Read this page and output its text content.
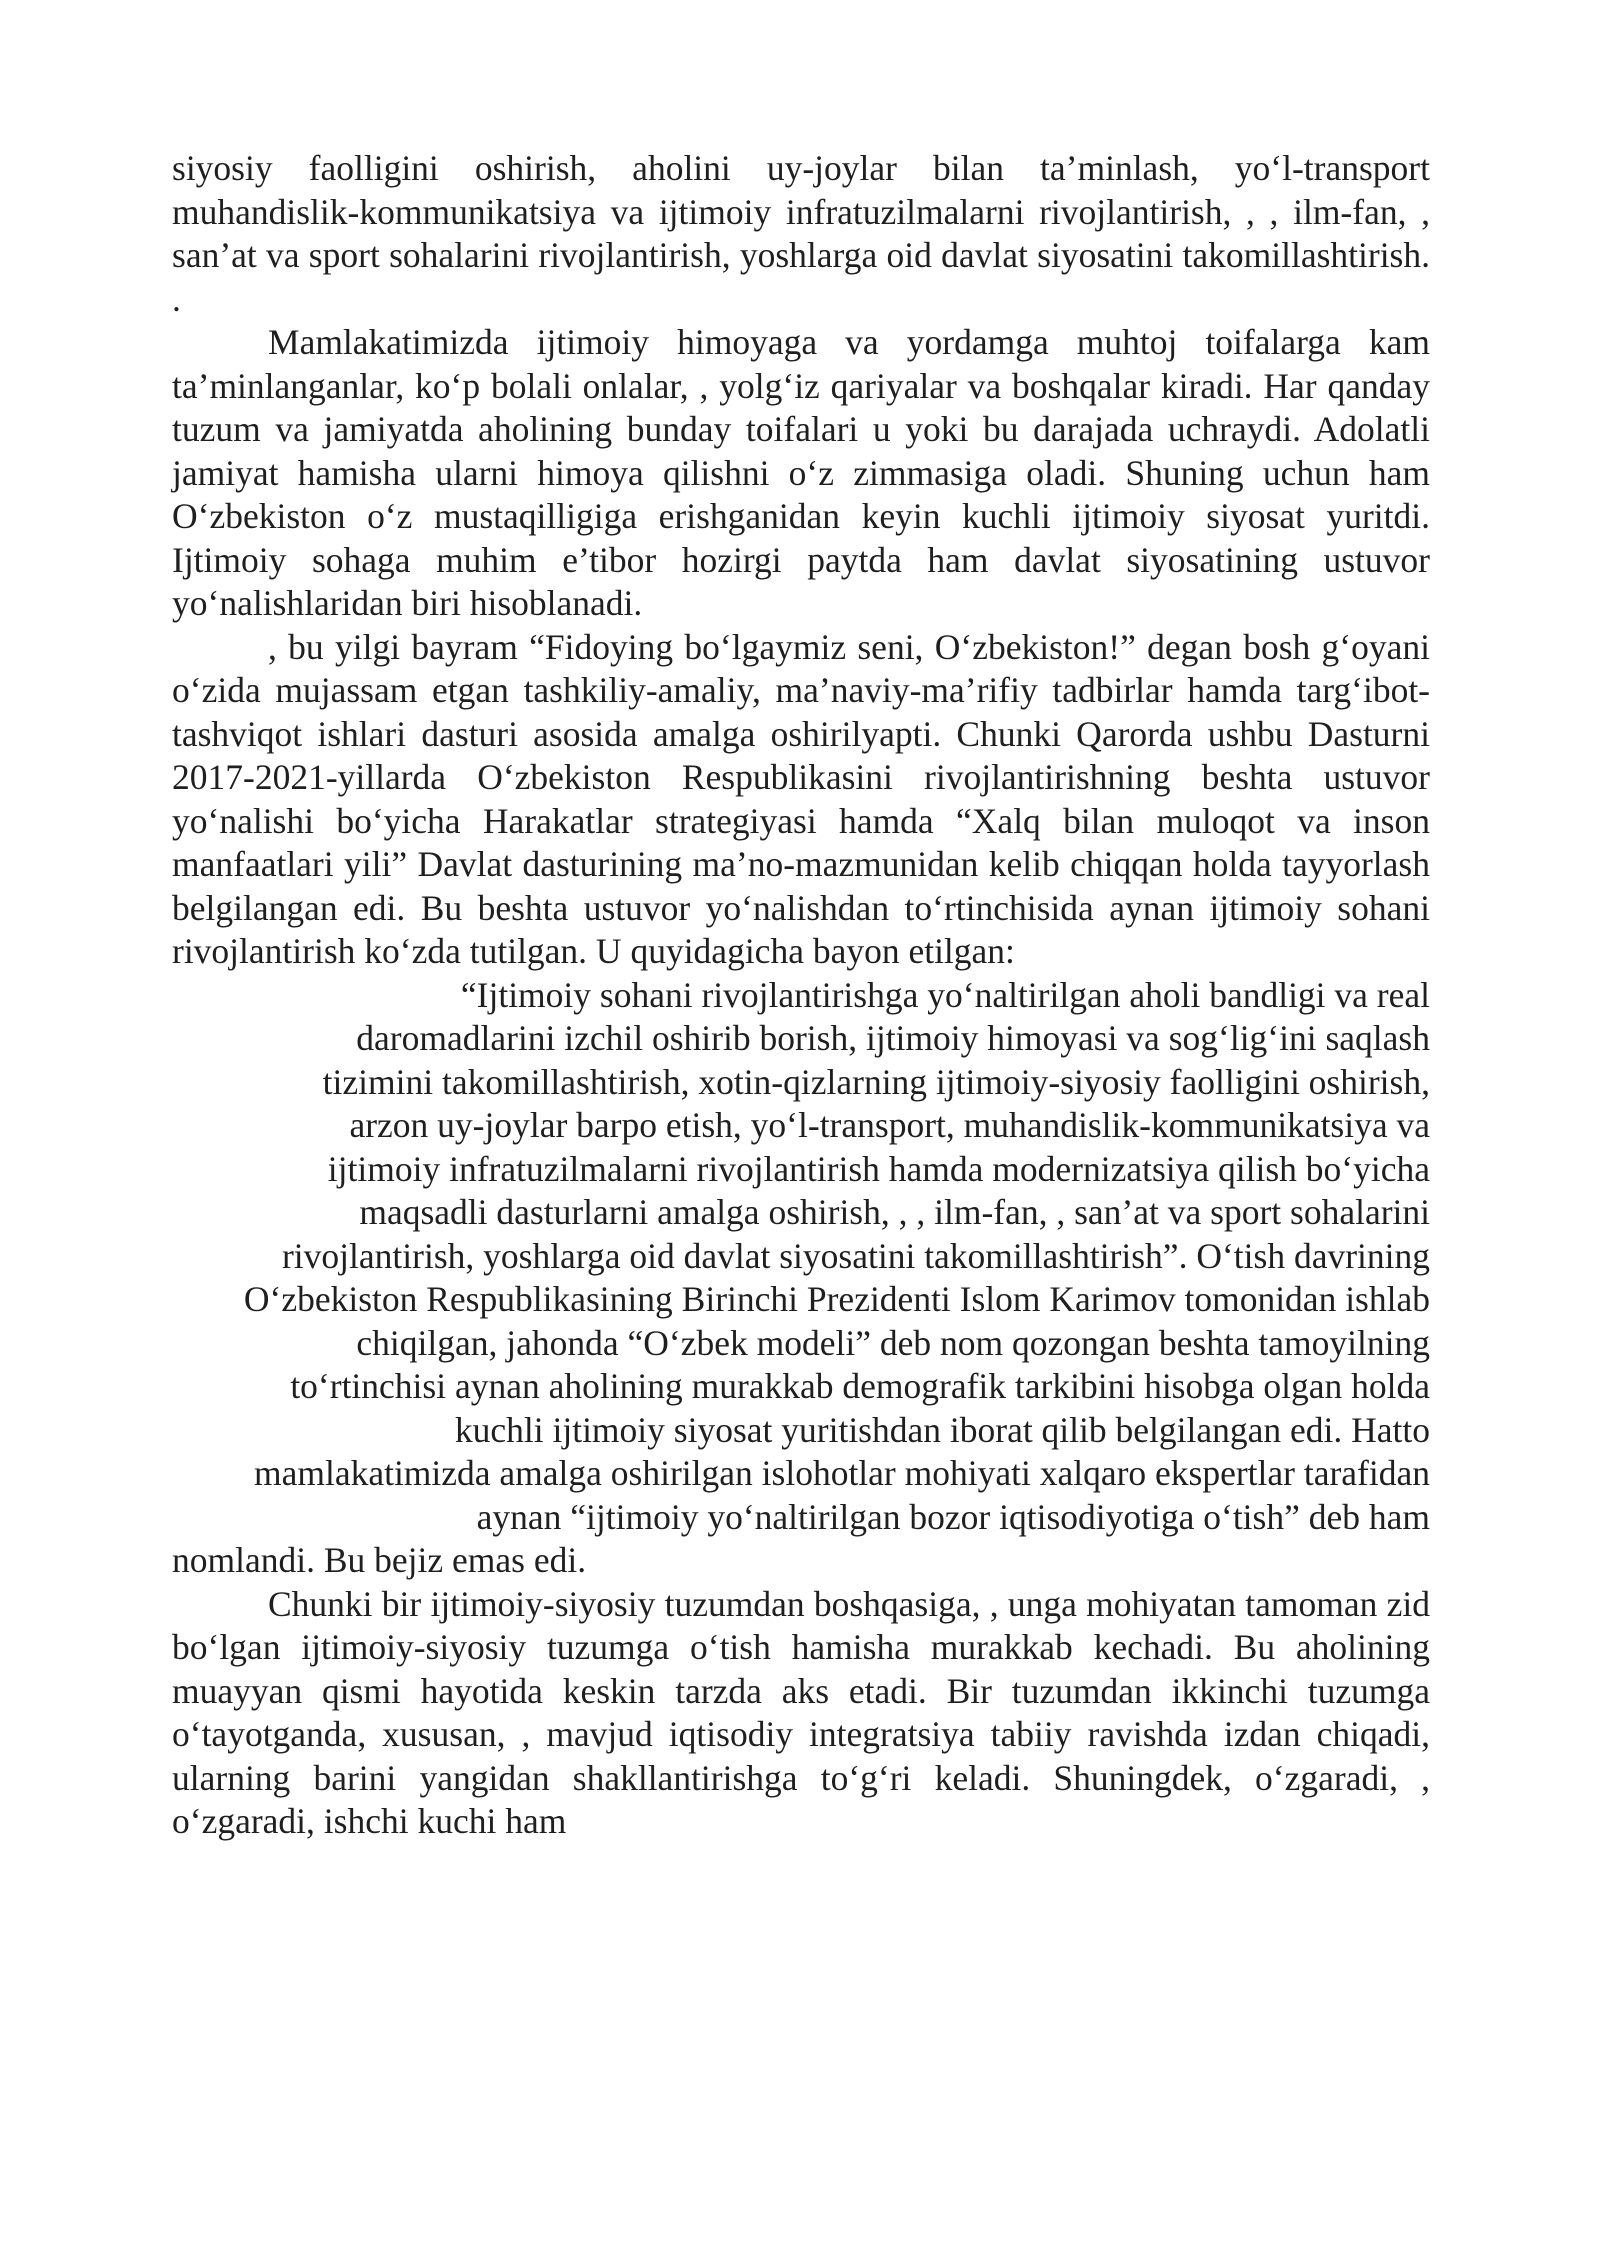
siyosiy faolligini oshirish, aholini uy-joylar bilan ta’minlash, yo‘l-transport muhandislik-kommunikatsiya va ijtimoiy infratuzilmalarni rivojlantirish, , , ilm-fan, , san’at va sport sohalarini rivojlantirish, yoshlarga oid davlat siyosatini takomillashtirish. .

Mamlakatimizda ijtimoiy himoyaga va yordamga muhtoj toifalarga kam ta’minlanganlar, ko‘p bolali onlalar, , yolg‘iz qariyalar va boshqalar kiradi. Har qanday tuzum va jamiyatda aholining bunday toifalari u yoki bu darajada uchraydi. Adolatli jamiyat hamisha ularni himoya qilishni o‘z zimmasiga oladi. Shuning uchun ham O‘zbekiston o‘z mustaqilligiga erishganidan keyin kuchli ijtimoiy siyosat yuritdi. Ijtimoiy sohaga muhim e’tibor hozirgi paytda ham davlat siyosatining ustuvor yo‘nalishlaridan biri hisoblanadi.

, bu yilgi bayram “Fidoying bo‘lgaymiz seni, O‘zbekiston!” degan bosh g‘oyani o‘zida mujassam etgan tashkiliy-amaliy, ma’naviy-ma’rifiy tadbirlar hamda targ‘ibot-tashviqot ishlari dasturi asosida amalga oshirilyapti. Chunki Qarorda ushbu Dasturni 2017-2021-yillarda O‘zbekiston Respublikasini rivojlantirishning beshta ustuvor yo‘nalishi bo‘yicha Harakatlar strategiyasi hamda “Xalq bilan muloqot va inson manfaatlari yili” Davlat dasturining ma’no-mazmunidan kelib chiqqan holda tayyorlash belgilangan edi. Bu beshta ustuvor yo‘nalishdan to‘rtinchisida aynan ijtimoiy sohani rivojlantirish ko‘zda tutilgan. U quyidagicha bayon etilgan:

“Ijtimoiy sohani rivojlantirishga yo‘naltirilgan aholi bandligi va real
daromadlarini izchil oshirib borish, ijtimoiy himoyasi va sog‘lig‘ini saqlash
tizimini takomillashtirish, xotin-qizlarning ijtimoiy-siyosiy faolligini oshirish,
arzon uy-joylar barpo etish, yo‘l-transport, muhandislik-kommunikatsiya va
ijtimoiy infratuzilmalarni rivojlantirish hamda modernizatsiya qilish bo‘yicha
maqsadli dasturlarni amalga oshirish, , , ilm-fan, , san’at va sport sohalarini
rivojlantirish, yoshlarga oid davlat siyosatini takomillashtirish”. O‘tish davrining
O‘zbekiston Respublikasining Birinchi Prezidenti Islom Karimov tomonidan ishlab
chiqilgan, jahonda “O‘zbek modeli” deb nom qozongan beshta tamoyilning
to‘rtinchisi aynan aholining murakkab demografik tarkibini hisobga olgan holda
kuchli ijtimoiy siyosat yuritishdan iborat qilib belgilangan edi. Hatto
mamlakatimizda amalga oshirilgan islohotlar mohiyati xalqaro ekspertlar tarafidan
aynan “ijtimoiy yo‘naltirilgan bozor iqtisodiyotiga o‘tish” deb ham
nomlandi. Bu bejiz emas edi.

Chunki bir ijtimoiy-siyosiy tuzumdan boshqasiga, , unga mohiyatan tamoman zid bo‘lgan ijtimoiy-siyosiy tuzumga o‘tish hamisha murakkab kechadi. Bu aholining muayyan qismi hayotida keskin tarzda aks etadi. Bir tuzumdan ikkinchi tuzumga o‘tayotganda, xususan, , mavjud iqtisodiy integratsiya tabiiy ravishda izdan chiqadi, ularning barini yangidan shakllantirishga to‘g‘ri keladi. Shuningdek, o‘zgaradi, , o‘zgaradi, ishchi kuchi ham
